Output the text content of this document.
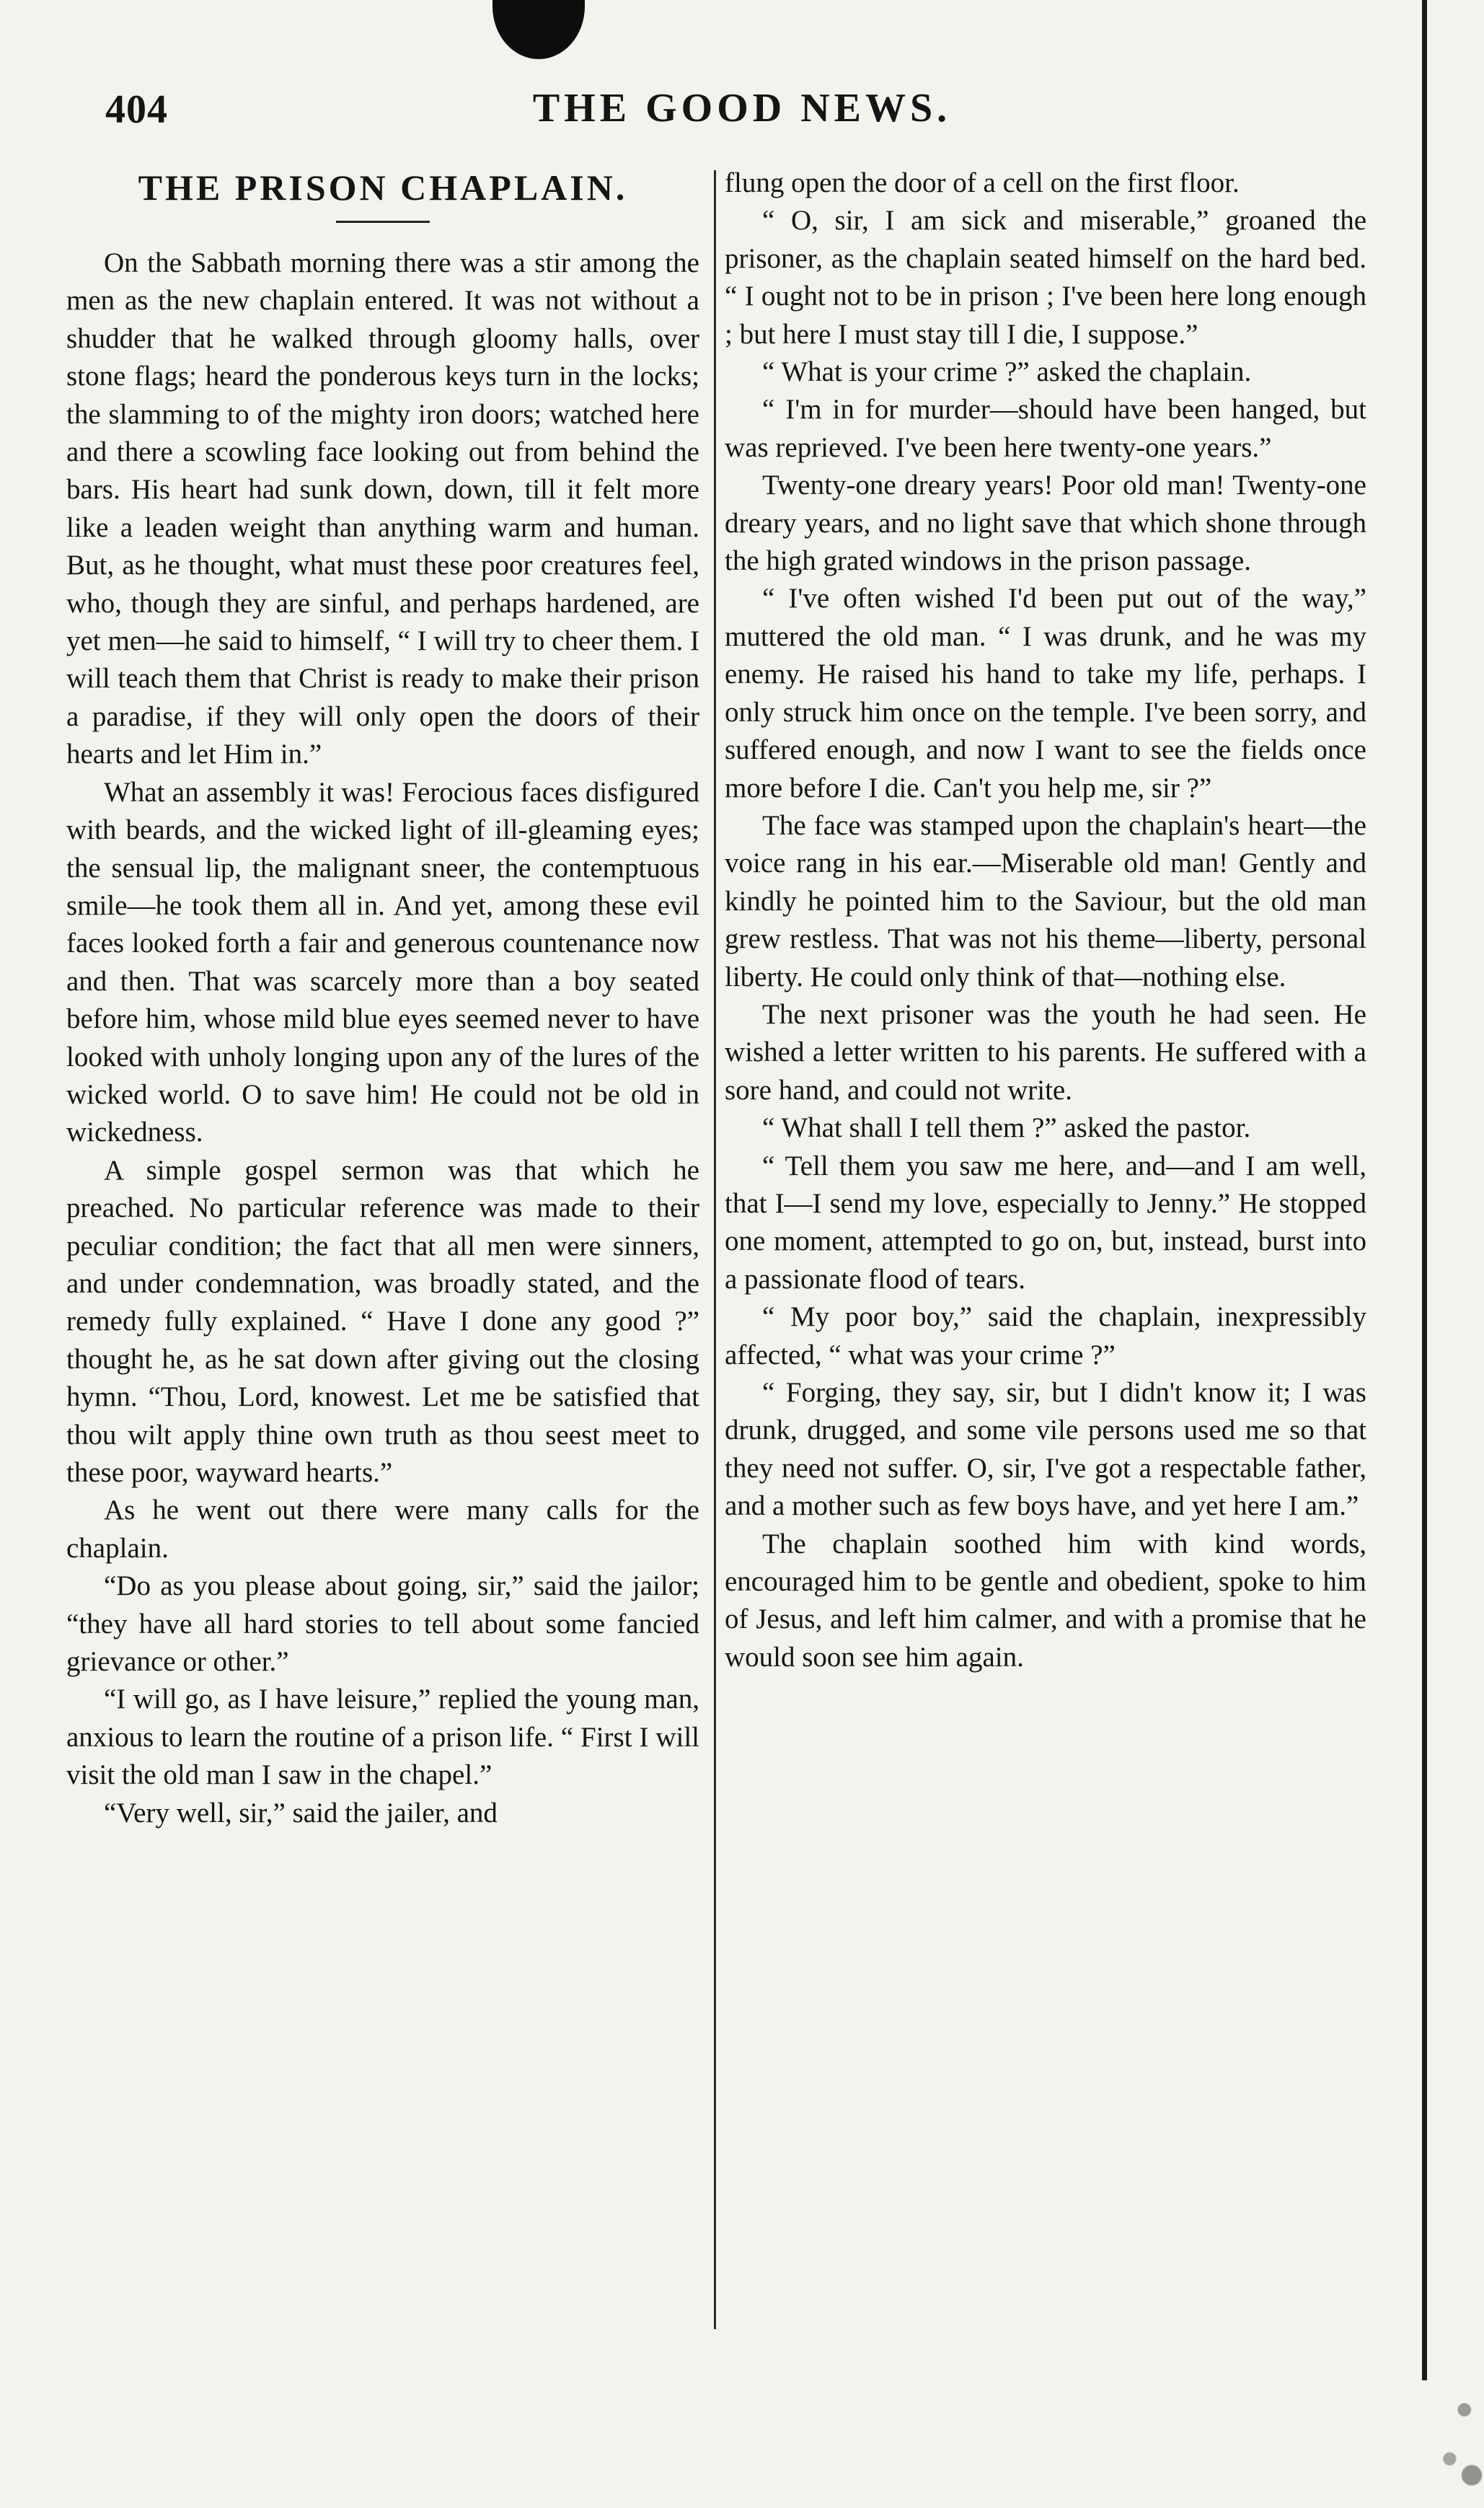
404	THE GOOD NEWS.
THE PRISON CHAPLAIN.

On the Sabbath morning there was a stir among the men as the new chaplain entered. It was not without a shudder that he walked through gloomy halls, over stone flags; heard the ponderous keys turn in the locks; the slamming to of the mighty iron doors; watched here and there a scowling face looking out from behind the bars. His heart had sunk down, down, till it felt more like a leaden weight than anything warm and human. But, as he thought, what must these poor creatures feel, who, though they are sinful, and perhaps hardened, are yet men—he said to himself, “ I will try to cheer them. I will teach them that Christ is ready to make their prison a paradise, if they will only open the doors of their hearts and let Him in.”

What an assembly it was! Ferocious faces disfigured with beards, and the wicked light of ill-gleaming eyes; the sensual lip, the malignant sneer, the contemptuous smile—he took them all in. And yet, among these evil faces looked forth a fair and generous countenance now and then. That was scarcely more than a boy seated before him, whose mild blue eyes seemed never to have looked with unholy longing upon any of the lures of the wicked world. O to save him! He could not be old in wickedness.

A simple gospel sermon was that which he preached. No particular reference was made to their peculiar condition; the fact that all men were sinners, and under condemnation, was broadly stated, and the remedy fully explained. “ Have I done any good ?” thought he, as he sat down after giving out the closing hymn. “Thou, Lord, knowest. Let me be satisfied that thou wilt apply thine own truth as thou seest meet to these poor, wayward hearts.”

As he went out there were many calls for the chaplain.

“Do as you please about going, sir,” said the jailor; “they have all hard stories to tell about some fancied grievance or other.”

“I will go, as I have leisure,” replied the young man, anxious to learn the routine of a prison life. “ First I will visit the old man I saw in the chapel.”

“Very well, sir,” said the jailer, and

flung open the door of a cell on the first floor.

“ O, sir, I am sick and miserable,” groaned the prisoner, as the chaplain seated himself on the hard bed. “ I ought not to be in prison ; I've been here long enough ; but here I must stay till I die, I suppose.”

“ What is your crime ?” asked the chaplain.

“ I'm in for murder—should have been hanged, but was reprieved. I've been here twenty-one years.”

Twenty-one dreary years! Poor old man! Twenty-one dreary years, and no light save that which shone through the high grated windows in the prison passage.

“ I've often wished I'd been put out of the way,” muttered the old man. “ I was drunk, and he was my enemy. He raised his hand to take my life, perhaps. I only struck him once on the temple. I've been sorry, and suffered enough, and now I want to see the fields once more before I die. Can't you help me, sir ?”

The face was stamped upon the chaplain's heart—the voice rang in his ear.—Miserable old man! Gently and kindly he pointed him to the Saviour, but the old man grew restless. That was not his theme—liberty, personal liberty. He could only think of that—nothing else.

The next prisoner was the youth he had seen. He wished a letter written to his parents. He suffered with a sore hand, and could not write.

“ What shall I tell them ?” asked the pastor.

“ Tell them you saw me here, and—and I am well, that I—I send my love, especially to Jenny.” He stopped one moment, attempted to go on, but, instead, burst into a passionate flood of tears.

“ My poor boy,” said the chaplain, inexpressibly affected, “ what was your crime ?”

“ Forging, they say, sir, but I didn't know it; I was drunk, drugged, and some vile persons used me so that they need not suffer. O, sir, I've got a respectable father, and a mother such as few boys have, and yet here I am.”

The chaplain soothed him with kind words, encouraged him to be gentle and obedient, spoke to him of Jesus, and left him calmer, and with a promise that he would soon see him again.
